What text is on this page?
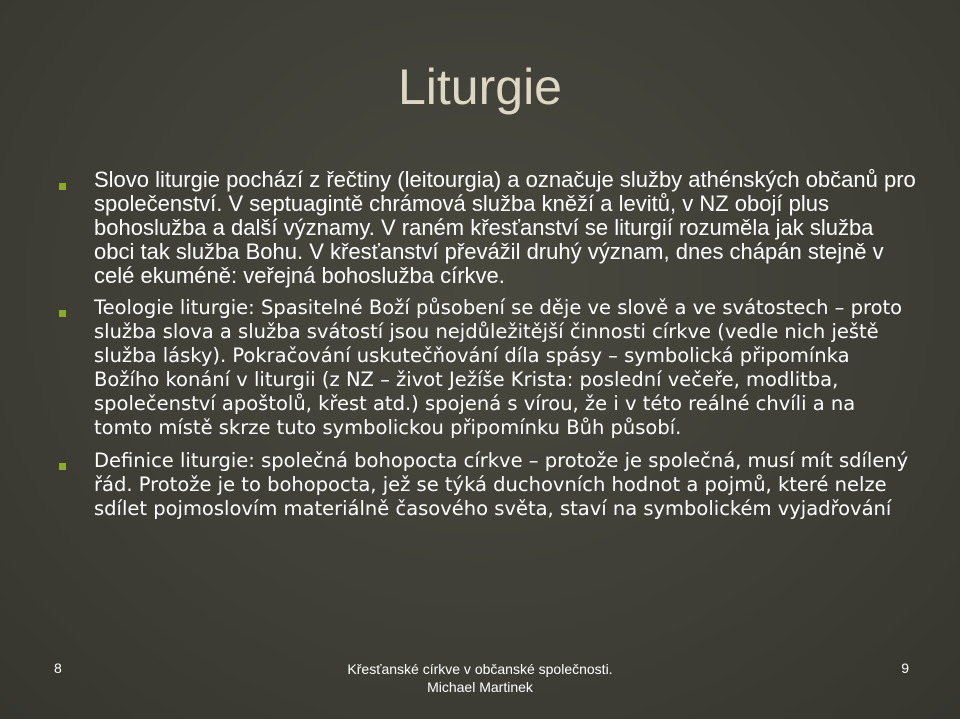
Liturgie
Slovo liturgie pochází z řečtiny (leitourgia) a označuje služby athénských občanů pro společenství. V septuagintě chrámová služba kněží a levitů, v NZ obojí plus bohoslužba a další významy. V raném křesťanství se liturgií rozuměla jak služba obci tak služba Bohu. V křesťanství převážil druhý význam, dnes chápán stejně v celé ekuméně: veřejná bohoslužba církve.
Teologie liturgie: Spasitelné Boží působení se děje ve slově a ve svátostech – proto služba slova a služba svátostí jsou nejdůležitější činnosti církve (vedle nich ještě služba lásky). Pokračování uskutečňování díla spásy – symbolická připomínka Božího konání v liturgii (z NZ – život Ježíše Krista: poslední večeře, modlitba, společenství apoštolů, křest atd.) spojená s vírou, že i v této reálné chvíli a na tomto místě skrze tuto symbolickou připomínku Bůh působí.
Definice liturgie: společná bohopocta církve – protože je společná, musí mít sdílený řád. Protože je to bohopocta, jež se týká duchovních hodnot a pojmů, které nelze sdílet pojmoslovím materiálně časového světa, staví na symbolickém vyjadřování
8	Křesťanské církve v občanské společnosti.
Michael Martinek
9
